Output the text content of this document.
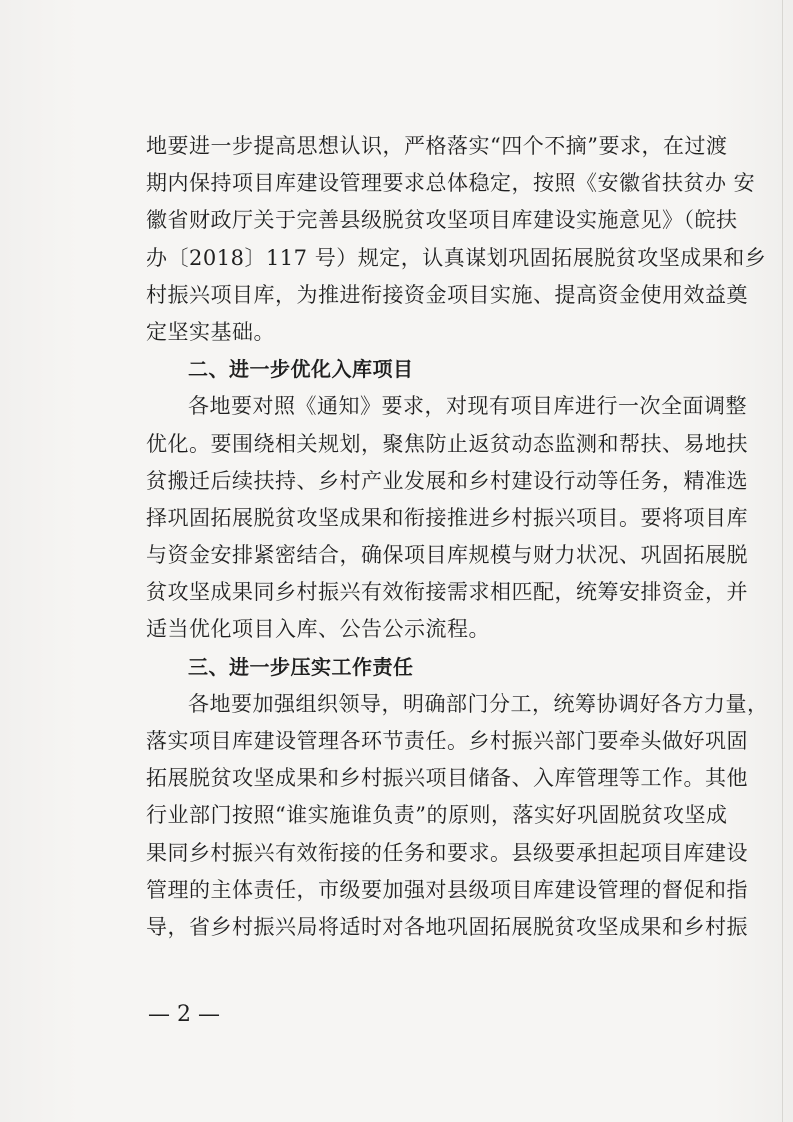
地要进一步提高思想认识，严格落实“四个不摘”要求，在过渡
期内保持项目库建设管理要求总体稳定，按照《安徽省扶贫办 安
徽省财政厅关于完善县级脱贫攻坚项目库建设实施意见》（皖扶
办〔2018〕117 号）规定，认真谋划巩固拓展脱贫攻坚成果和乡
村振兴项目库，为推进衔接资金项目实施、提高资金使用效益奠
定坚实基础。
二、进一步优化入库项目
各地要对照《通知》要求，对现有项目库进行一次全面调整
优化。要围绕相关规划，聚焦防止返贫动态监测和帮扶、易地扶
贫搬迁后续扶持、乡村产业发展和乡村建设行动等任务，精准选
择巩固拓展脱贫攻坚成果和衔接推进乡村振兴项目。要将项目库
与资金安排紧密结合，确保项目库规模与财力状况、巩固拓展脱
贫攻坚成果同乡村振兴有效衔接需求相匹配，统筹安排资金，并
适当优化项目入库、公告公示流程。
三、进一步压实工作责任
各地要加强组织领导，明确部门分工，统筹协调好各方力量，
落实项目库建设管理各环节责任。乡村振兴部门要牵头做好巩固
拓展脱贫攻坚成果和乡村振兴项目储备、入库管理等工作。其他
行业部门按照“谁实施谁负责”的原则，落实好巩固脱贫攻坚成
果同乡村振兴有效衔接的任务和要求。县级要承担起项目库建设
管理的主体责任，市级要加强对县级项目库建设管理的督促和指
导，省乡村振兴局将适时对各地巩固拓展脱贫攻坚成果和乡村振
— 2 —
